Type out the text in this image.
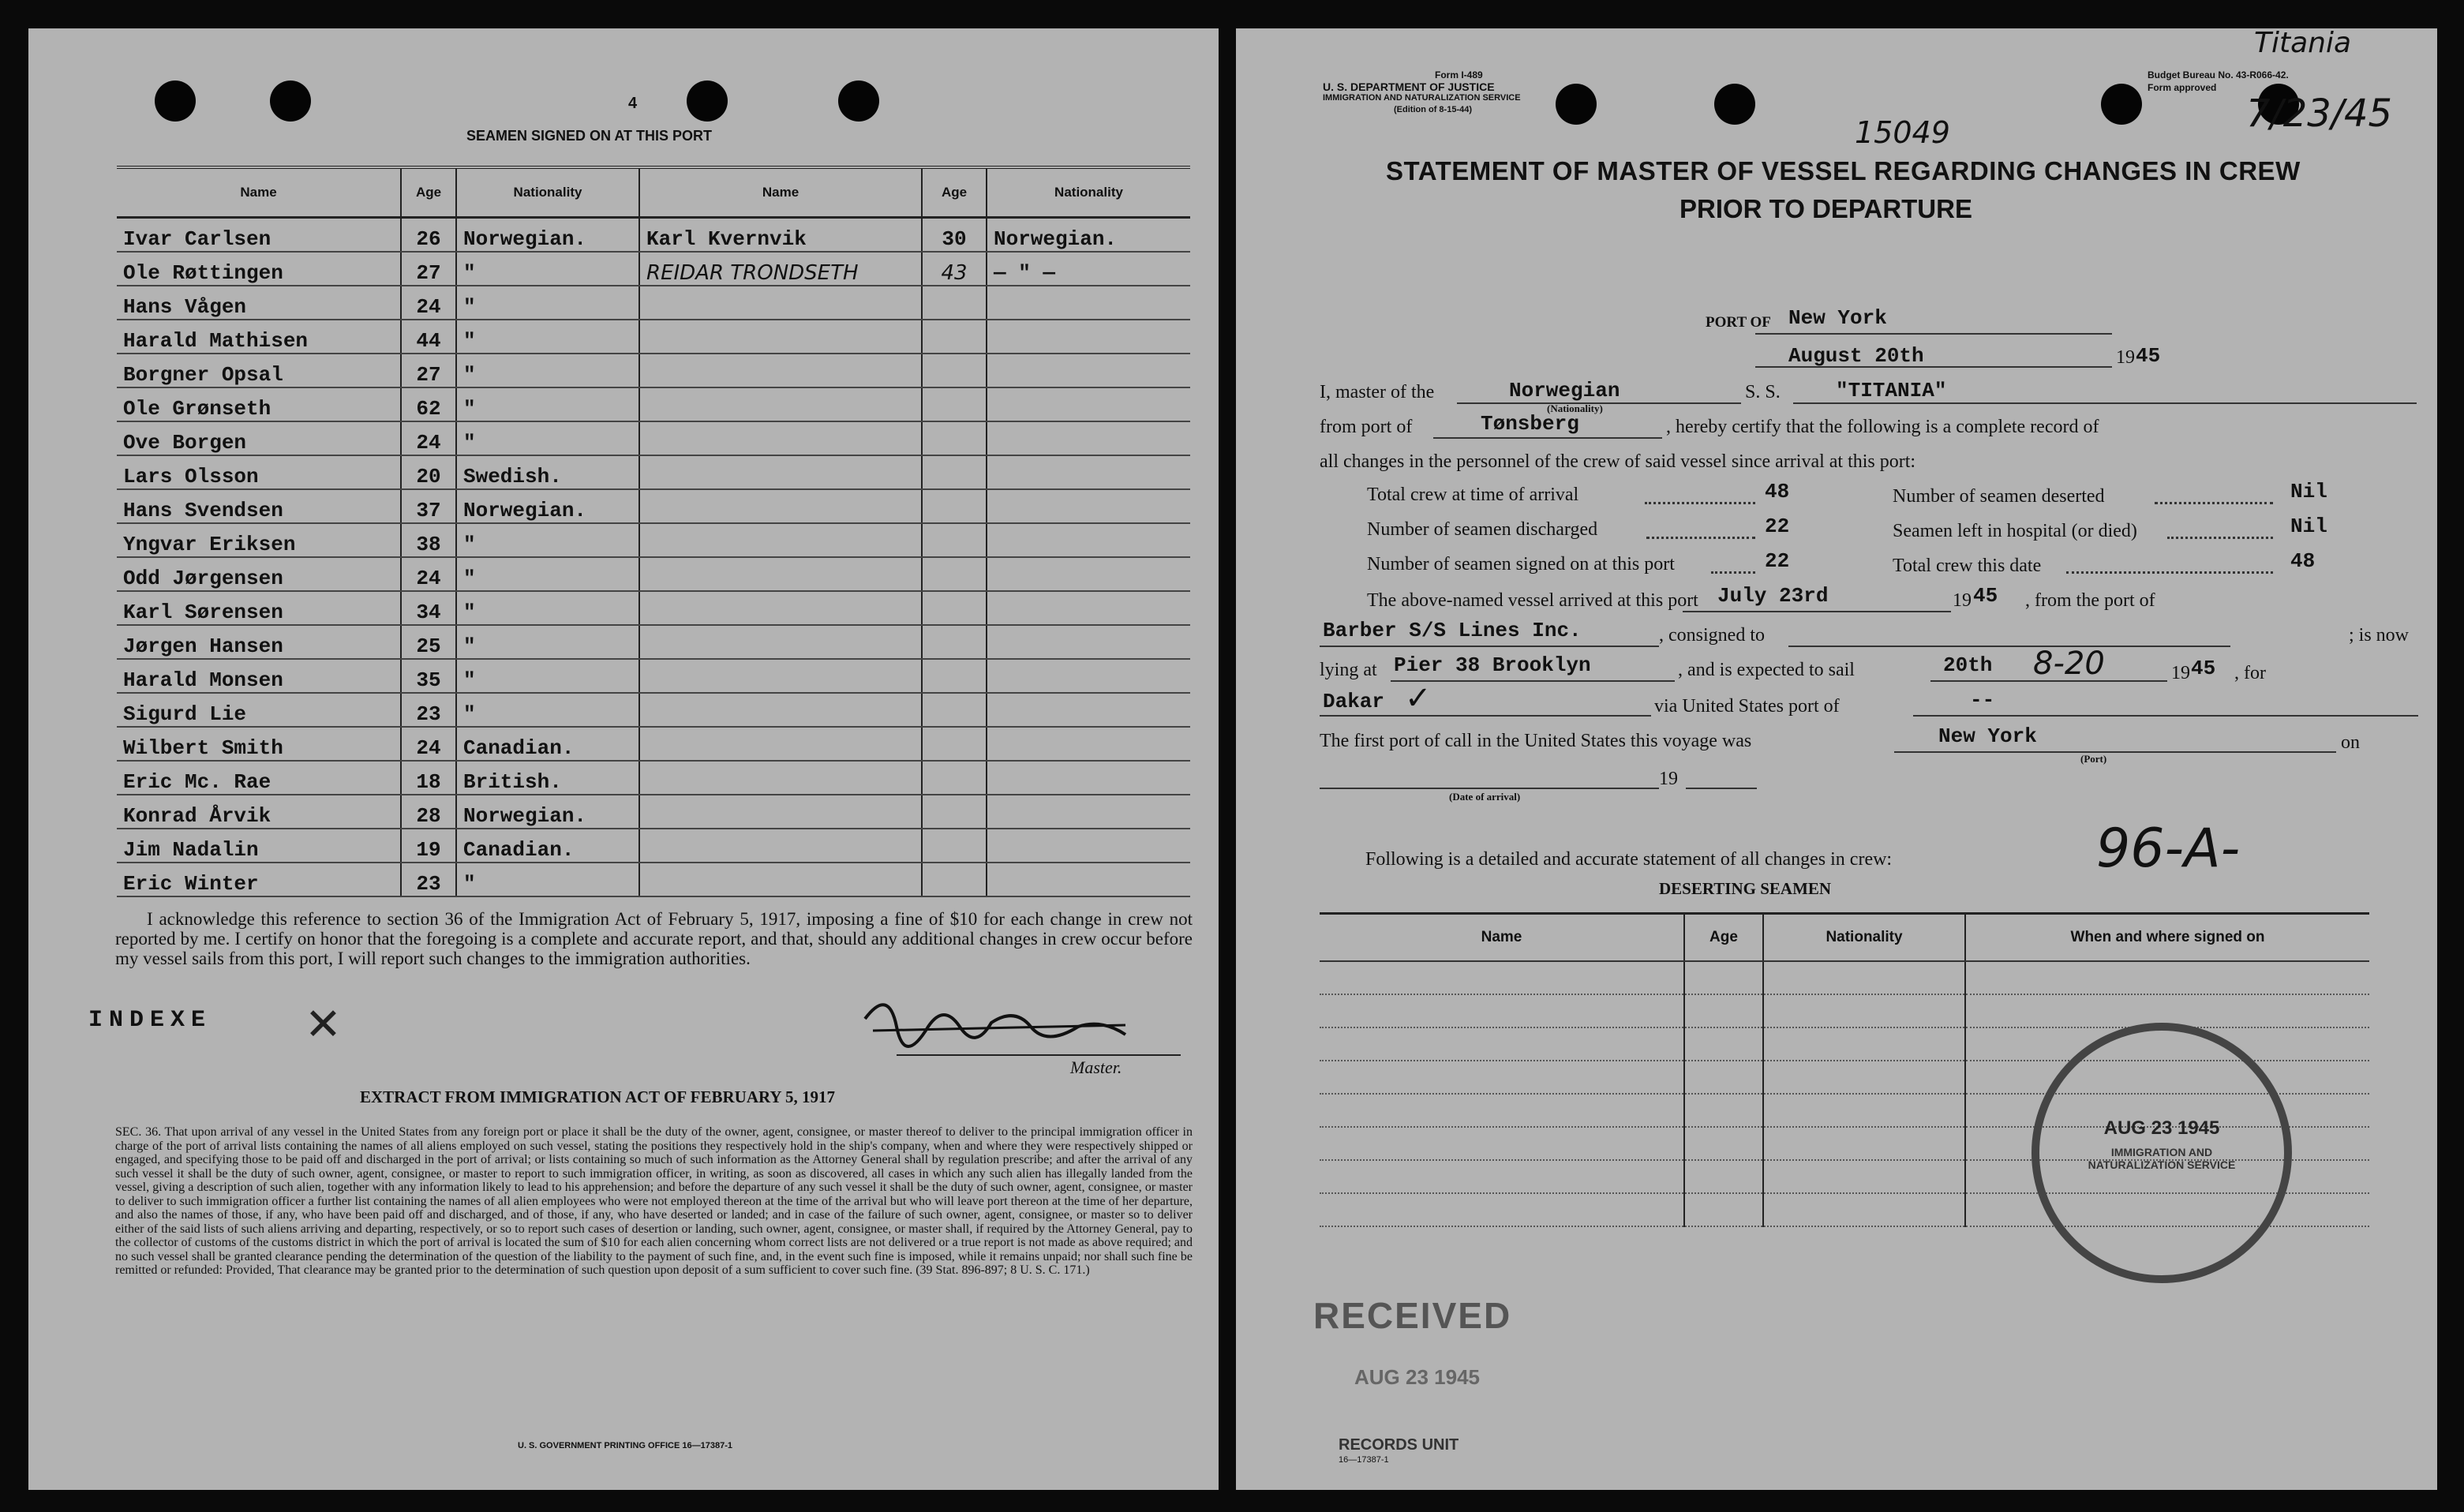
4
SEAMEN SIGNED ON AT THIS PORT
Name	Age	Nationality	Name	Age	Nationality
Ivar Carlsen	26	Norwegian.	Karl Kvernvik	30	Norwegian.
Ole Røttingen	27	"	REIDAR TRONDSETH	43	— " —
Hans Vågen	24	"			
Harald Mathisen	44	"			
Borgner Opsal	27	"			
Ole Grønseth	62	"			
Ove Borgen	24	"			
Lars Olsson	20	Swedish.			
Hans Svendsen	37	Norwegian.			
Yngvar Eriksen	38	"			
Odd Jørgensen	24	"			
Karl Sørensen	34	"			
Jørgen Hansen	25	"			
Harald Monsen	35	"			
Sigurd Lie	23	"			
Wilbert Smith	24	Canadian.			
Eric Mc. Rae	18	British.			
Konrad Årvik	28	Norwegian.			
Jim Nadalin	19	Canadian.			
Eric Winter	23	"			
I acknowledge this reference to section 36 of the Immigration Act of February 5, 1917, imposing a fine of $10 for each change in crew not reported by me. I certify on honor that the foregoing is a complete and accurate report, and that, should any additional changes in crew occur before my vessel sails from this port, I will report such changes to the immigration authorities.
INDEXE ✕
Master.
EXTRACT FROM IMMIGRATION ACT OF FEBRUARY 5, 1917
SEC. 36. That upon arrival of any vessel in the United States from any foreign port or place it shall be the duty of the owner, agent, consignee, or master thereof to deliver to the principal immigration officer in charge of the port of arrival lists containing the names of all aliens employed on such vessel, stating the positions they respectively hold in the ship's company, when and where they were respectively shipped or engaged, and specifying those to be paid off and discharged in the port of arrival; or lists containing so much of such information as the Attorney General shall by regulation prescribe; and after the arrival of any such vessel it shall be the duty of such owner, agent, consignee, or master to report to such immigration officer, in writing, as soon as discovered, all cases in which any such alien has illegally landed from the vessel, giving a description of such alien, together with any information likely to lead to his apprehension; and before the departure of any such vessel it shall be the duty of such owner, agent, consignee, or master to deliver to such immigration officer a further list containing the names of all alien employees who were not employed thereon at the time of the arrival but who will leave port thereon at the time of her departure, and also the names of those, if any, who have been paid off and discharged, and of those, if any, who have deserted or landed; and in case of the failure of such owner, agent, consignee, or master so to deliver either of the said lists of such aliens arriving and departing, respectively, or so to report such cases of desertion or landing, such owner, agent, consignee, or master shall, if required by the Attorney General, pay to the collector of customs of the customs district in which the port of arrival is located the sum of $10 for each alien concerning whom correct lists are not delivered or a true report is not made as above required; and no such vessel shall be granted clearance pending the determination of the question of the liability to the payment of such fine, and, in the event such fine is imposed, while it remains unpaid; nor shall such fine be remitted or refunded: Provided, That clearance may be granted prior to the determination of such question upon deposit of a sum sufficient to cover such fine. (39 Stat. 896-897; 8 U. S. C. 171.)
U. S. GOVERNMENT PRINTING OFFICE 16—17387-1
Form I-489
U. S. DEPARTMENT OF JUSTICE
IMMIGRATION AND NATURALIZATION SERVICE
(Edition of 8-15-44)
Budget Bureau No. 43-R066-42.
Form approved
Titania
7/23/45
15049
STATEMENT OF MASTER OF VESSEL REGARDING CHANGES IN CREW
PRIOR TO DEPARTURE
PORT OF New York
August 20th	19 45
I, master of the	Norwegian
(Nationality)
S. S.	"TITANIA"
from port of	Tønsberg	, hereby certify that the following is a complete record of
all changes in the personnel of the crew of said vessel since arrival at this port:
Total crew at time of arrival	48	Number of seamen deserted	Nil
Number of seamen discharged	22	Seamen left in hospital (or died)	Nil
Number of seamen signed on at this port	22	Total crew this date	48
The above-named vessel arrived at this port July 23rd	19 45 , from the port of
Barber S/S Lines Inc.	, consigned to	; is now
lying at Pier 38 Brooklyn	, and is expected to sail	20th 8-20	19 45 , for
Dakar ✓	via United States port of	--
The first port of call in the United States this voyage was	New York
(Port)
on
19
(Date of arrival)
Following is a detailed and accurate statement of all changes in crew:	96-A-
DESERTING SEAMEN
Name	Age	Nationality	When and where signed on

AUG 23 1945
IMMIGRATION AND NATURALIZATION SERVICE
RECEIVED
AUG 23 1945
RECORDS UNIT
16—17387-1
